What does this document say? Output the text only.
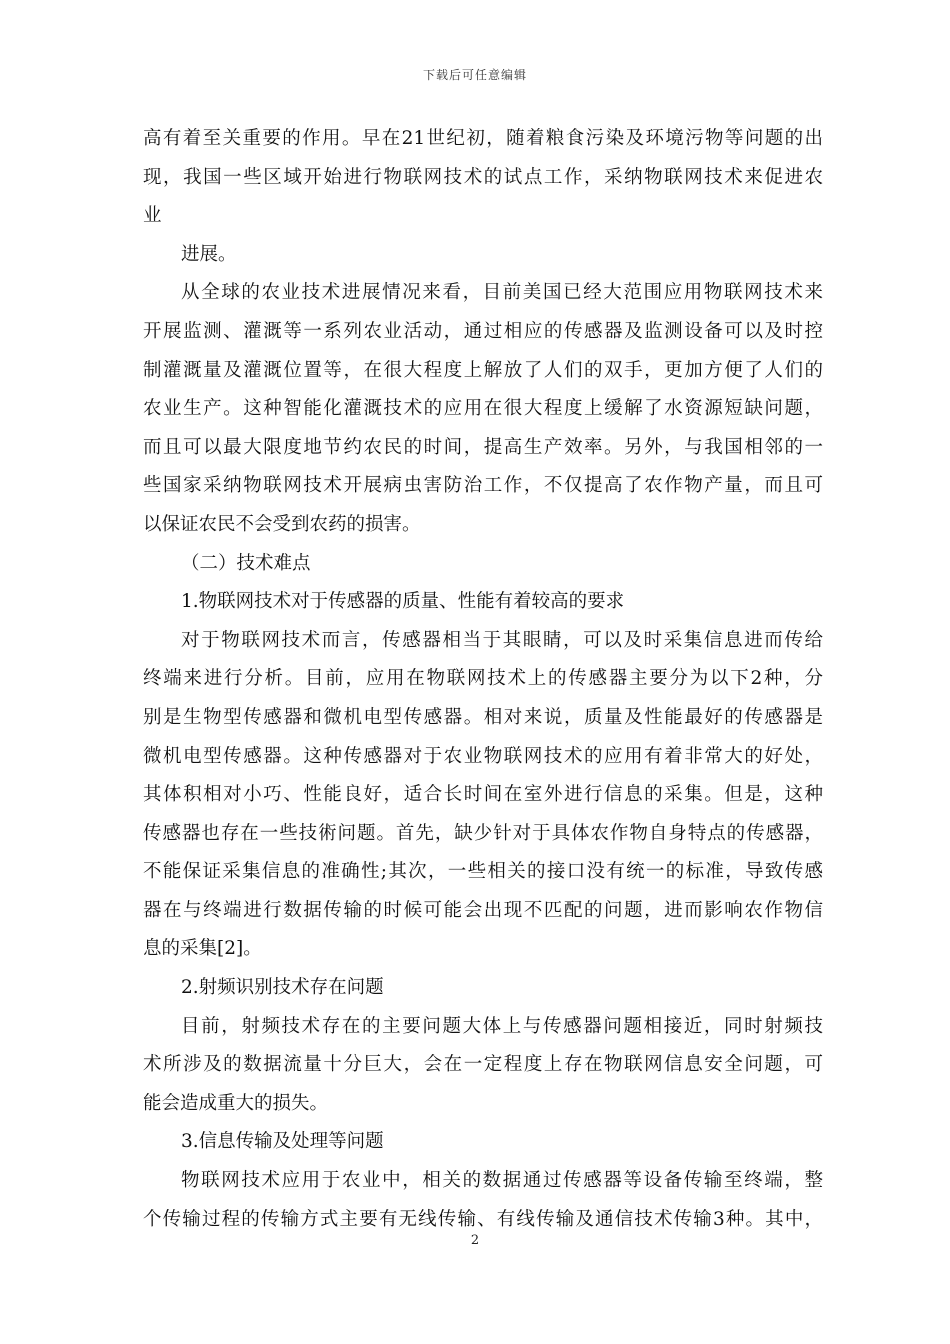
下载后可任意编辑
高有着至关重要的作用。早在21世纪初，随着粮食污染及环境污物等问题的出
现，我国一些区域开始进行物联网技术的试点工作，采纳物联网技术来促进农
业
进展。
从全球的农业技术进展情况来看，目前美国已经大范围应用物联网技术来
开展监测、灌溉等一系列农业活动，通过相应的传感器及监测设备可以及时控
制灌溉量及灌溉位置等，在很大程度上解放了人们的双手，更加方便了人们的
农业生产。这种智能化灌溉技术的应用在很大程度上缓解了水资源短缺问题，
而且可以最大限度地节约农民的时间，提高生产效率。另外，与我国相邻的一
些国家采纳物联网技术开展病虫害防治工作，不仅提高了农作物产量，而且可
以保证农民不会受到农药的损害。
（二）技术难点
1.物联网技术对于传感器的质量、性能有着较高的要求
对于物联网技术而言，传感器相当于其眼睛，可以及时采集信息进而传给
终端来进行分析。目前，应用在物联网技术上的传感器主要分为以下2种，分
别是生物型传感器和微机电型传感器。相对来说，质量及性能最好的传感器是
微机电型传感器。这种传感器对于农业物联网技术的应用有着非常大的好处，
其体积相对小巧、性能良好，适合长时间在室外进行信息的采集。但是，这种
传感器也存在一些技術问题。首先，缺少针对于具体农作物自身特点的传感器，
不能保证采集信息的准确性;其次，一些相关的接口没有统一的标准，导致传感
器在与终端进行数据传输的时候可能会出现不匹配的问题，进而影响农作物信
息的采集[2]。
2.射频识别技术存在问题
目前，射频技术存在的主要问题大体上与传感器问题相接近，同时射频技
术所涉及的数据流量十分巨大，会在一定程度上存在物联网信息安全问题，可
能会造成重大的损失。
3.信息传输及处理等问题
物联网技术应用于农业中，相关的数据通过传感器等设备传输至终端，整
个传输过程的传输方式主要有无线传输、有线传输及通信技术传输3种。其中，
2
